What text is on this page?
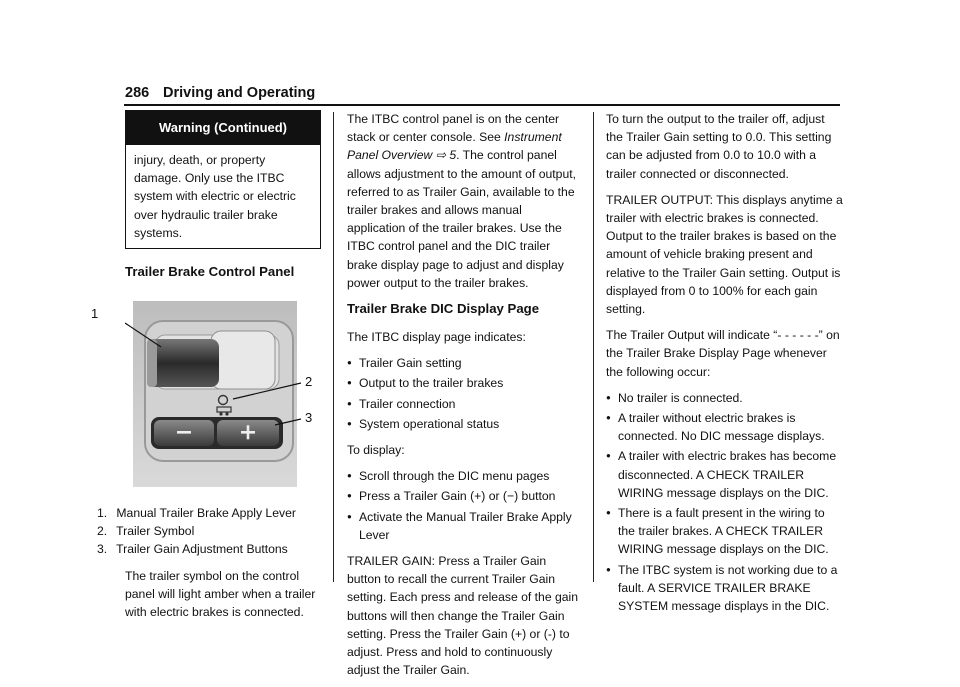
286 Driving and Operating
Warning (Continued)
injury, death, or property damage. Only use the ITBC system with electric or electric over hydraulic trailer brake systems.
Trailer Brake Control Panel
1
2
3
1. Manual Trailer Brake Apply Lever
2. Trailer Symbol
3. Trailer Gain Adjustment Buttons

The trailer symbol on the control panel will light amber when a trailer with electric brakes is connected.

The ITBC control panel is on the center stack or center console. See Instrument Panel Overview ⇨ 5. The control panel allows adjustment to the amount of output, referred to as Trailer Gain, available to the trailer brakes and allows manual application of the trailer brakes. Use the ITBC control panel and the DIC trailer brake display page to adjust and display power output to the trailer brakes.

Trailer Brake DIC Display Page

The ITBC display page indicates:

● Trailer Gain setting
● Output to the trailer brakes
● Trailer connection
● System operational status

To display:

● Scroll through the DIC menu pages
● Press a Trailer Gain (+) or (−) button
● Activate the Manual Trailer Brake Apply Lever

TRAILER GAIN: Press a Trailer Gain button to recall the current Trailer Gain setting. Each press and release of the gain buttons will then change the Trailer Gain setting. Press the Trailer Gain (+) or (-) to adjust. Press and hold to continuously adjust the Trailer Gain.

To turn the output to the trailer off, adjust the Trailer Gain setting to 0.0. This setting can be adjusted from 0.0 to 10.0 with a trailer connected or disconnected.

TRAILER OUTPUT: This displays anytime a trailer with electric brakes is connected. Output to the trailer brakes is based on the amount of vehicle braking present and relative to the Trailer Gain setting. Output is displayed from 0 to 100% for each gain setting.

The Trailer Output will indicate “- - - - - -” on the Trailer Brake Display Page whenever the following occur:

● No trailer is connected.
● A trailer without electric brakes is connected. No DIC message displays.
● A trailer with electric brakes has become disconnected. A CHECK TRAILER WIRING message displays on the DIC.
● There is a fault present in the wiring to the trailer brakes. A CHECK TRAILER WIRING message displays on the DIC.
● The ITBC system is not working due to a fault. A SERVICE TRAILER BRAKE SYSTEM message displays in the DIC.
